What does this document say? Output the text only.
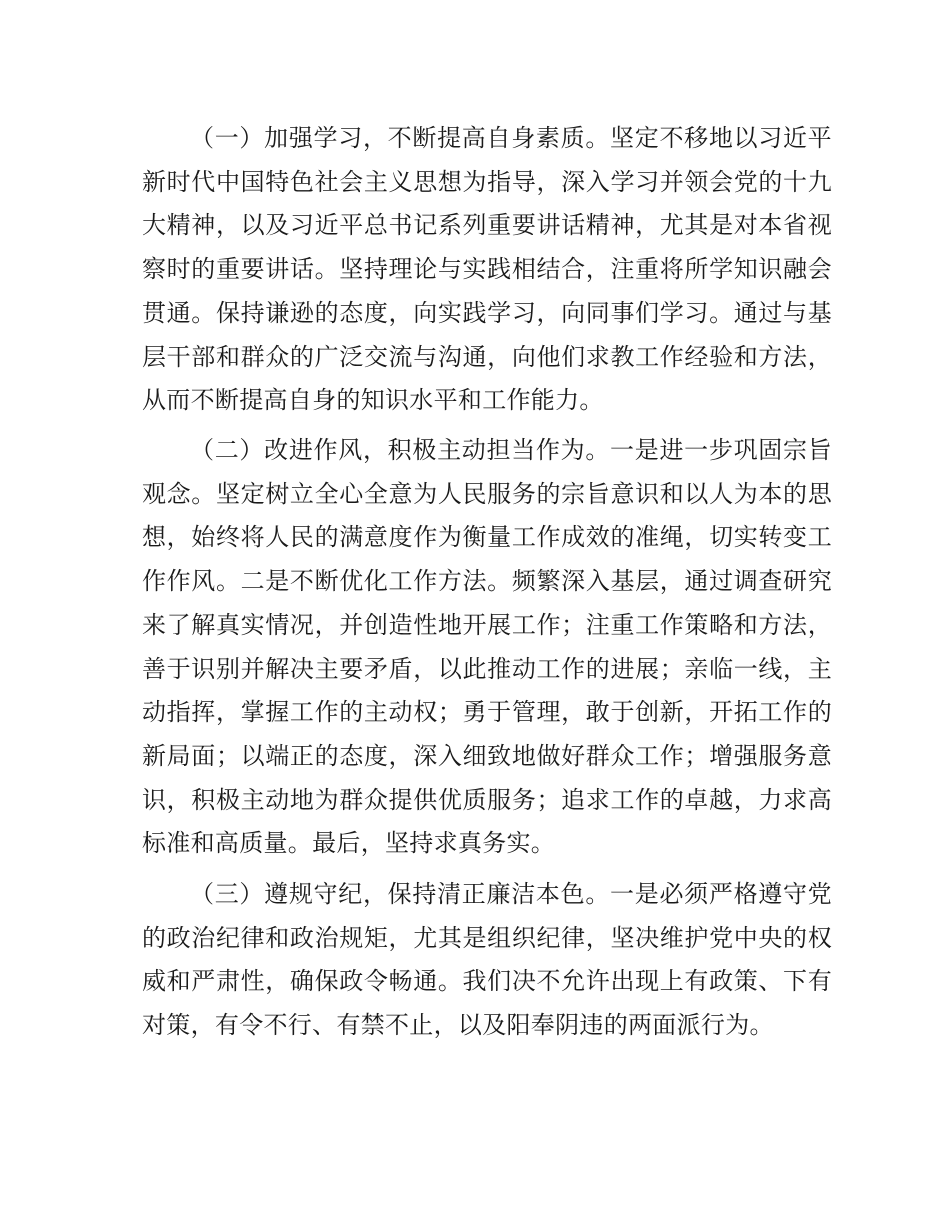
（一）加强学习，不断提高自身素质。坚定不移地以习近平新时代中国特色社会主义思想为指导，深入学习并领会党的十九大精神，以及习近平总书记系列重要讲话精神，尤其是对本省视察时的重要讲话。坚持理论与实践相结合，注重将所学知识融会贯通。保持谦逊的态度，向实践学习，向同事们学习。通过与基层干部和群众的广泛交流与沟通，向他们求教工作经验和方法，从而不断提高自身的知识水平和工作能力。

（二）改进作风，积极主动担当作为。一是进一步巩固宗旨观念。坚定树立全心全意为人民服务的宗旨意识和以人为本的思想，始终将人民的满意度作为衡量工作成效的准绳，切实转变工作作风。二是不断优化工作方法。频繁深入基层，通过调查研究来了解真实情况，并创造性地开展工作；注重工作策略和方法，善于识别并解决主要矛盾，以此推动工作的进展；亲临一线，主动指挥，掌握工作的主动权；勇于管理，敢于创新，开拓工作的新局面；以端正的态度，深入细致地做好群众工作；增强服务意识，积极主动地为群众提供优质服务；追求工作的卓越，力求高标准和高质量。最后，坚持求真务实。

（三）遵规守纪，保持清正廉洁本色。一是必须严格遵守党的政治纪律和政治规矩，尤其是组织纪律，坚决维护党中央的权威和严肃性，确保政令畅通。我们决不允许出现上有政策、下有对策，有令不行、有禁不止，以及阳奉阴违的两面派行为。
